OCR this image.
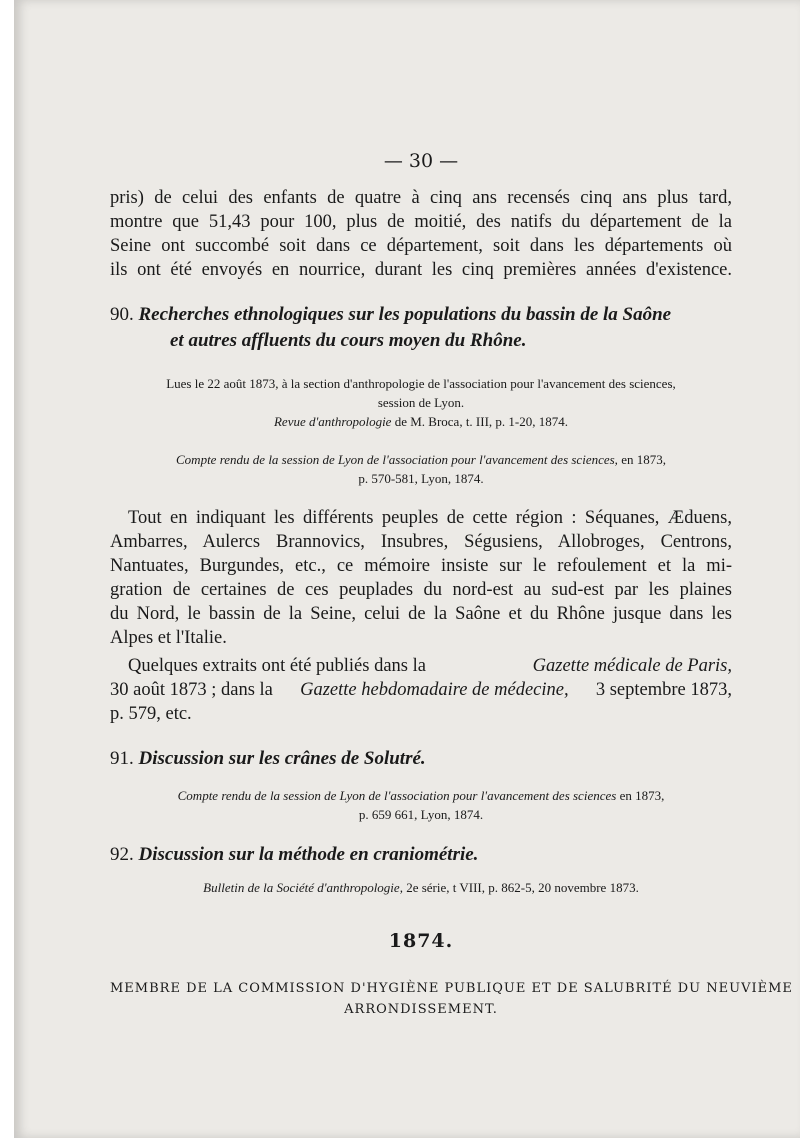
— 30 —
pris) de celui des enfants de quatre à cinq ans recensés cinq ans plus tard,
montre que 51,43 pour 100, plus de moitié, des natifs du département de la
Seine ont succombé soit dans ce département, soit dans les départements où
ils ont été envoyés en nourrice, durant les cinq premières années d'existence.
90. Recherches ethnologiques sur les populations du bassin de la Saône
et autres affluents du cours moyen du Rhône.
Lues le 22 août 1873, à la section d'anthropologie de l'association pour l'avancement des sciences,
session de Lyon.
Revue d'anthropologie de M. Broca, t. III, p. 1-20, 1874.
Compte rendu de la session de Lyon de l'association pour l'avancement des sciences, en 1873,
p. 570-581, Lyon, 1874.
Tout en indiquant les différents peuples de cette région : Séquanes, Æduens,
Ambarres, Aulercs Brannovics, Insubres, Ségusiens, Allobroges, Centrons,
Nantuates, Burgundes, etc., ce mémoire insiste sur le refoulement et la mi-
gration de certaines de ces peuplades du nord-est au sud-est par les plaines
du Nord, le bassin de la Seine, celui de la Saône et du Rhône jusque dans les
Alpes et l'Italie.
Quelques extraits ont été publiés dans la	Gazette médicale de Paris,
30 août 1873 ; dans la Gazette hebdomadaire de médecine, 3 septembre 1873,
p. 579, etc.
91. Discussion sur les crânes de Solutré.
Compte rendu de la session de Lyon de l'association pour l'avancement des sciences en 1873,
p. 659 661, Lyon, 1874.
92. Discussion sur la méthode en craniométrie.
Bulletin de la Société d'anthropologie, 2e série, t VIII, p. 862-5, 20 novembre 1873.
1874.
MEMBRE DE LA COMMISSION D'HYGIÈNE PUBLIQUE ET DE SALUBRITÉ DU NEUVIÈME
ARRONDISSEMENT.
